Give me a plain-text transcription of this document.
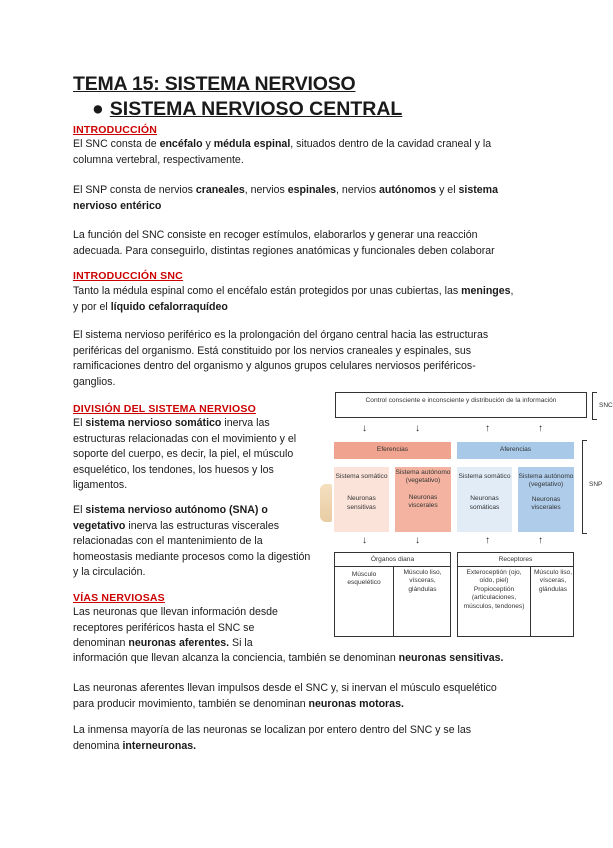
TEMA 15: SISTEMA NERVIOSO
● SISTEMA NERVIOSO CENTRAL
INTRODUCCIÓN
El SNC consta de encéfalo y médula espinal, situados dentro de la cavidad craneal y la columna vertebral, respectivamente.
El SNP consta de nervios craneales, nervios espinales, nervios autónomos y el sistema nervioso entérico
La función del SNC consiste en recoger estímulos, elaborarlos y generar una reacción adecuada. Para conseguirlo, distintas regiones anatómicas y funcionales deben colaborar
INTRODUCCIÓN SNC
Tanto la médula espinal como el encéfalo están protegidos por unas cubiertas, las meninges, y por el líquido cefalorraquídeo
El sistema nervioso periférico es la prolongación del órgano central hacia las estructuras periféricas del organismo. Está constituido por los nervios craneales y espinales, sus ramificaciones dentro del organismo y algunos grupos celulares nerviosos periféricos-ganglios.
DIVISIÓN DEL SISTEMA NERVIOSO
El sistema nervioso somático inerva las estructuras relacionadas con el movimiento y el soporte del cuerpo, es decir, la piel, el músculo esquelético, los tendones, los huesos y los ligamentos.
El sistema nervioso autónomo (SNA) o vegetativo inerva las estructuras viscerales relacionadas con el mantenimiento de la homeostasis mediante procesos como la digestión y la circulación.
VÍAS NERVIOSAS
Las neuronas que llevan información desde receptores periféricos hasta el SNC se denominan neuronas aferentes. Si la
información que llevan alcanza la conciencia, también se denominan neuronas sensitivas.
Las neuronas aferentes llevan impulsos desde el SNC y, si inervan el músculo esquelético para producir movimiento, también se denominan neuronas motoras.
La inmensa mayoría de las neuronas se localizan por entero dentro del SNC y se las denomina interneuronas.
Control consciente e inconsciente y distribución de la información
↓	↓	↑	↑
Eferencias	Aferencias
Sistema somático
Neuronas sensitivas
Sistema autónomo (vegetativo)
Neuronas viscerales
Sistema somático
Neuronas somáticas
Sistema autónomo (vegetativo)
Neuronas viscerales
↓	↓	↑	↑
Órganos diana
Músculo esquelético
Músculo liso, vísceras, glándulas
Receptores
Exteroceptión (ojo, oído, piel) Propioceptión (articulaciones, músculos, tendones)
Músculo liso, vísceras, glándulas
SNC
SNP
